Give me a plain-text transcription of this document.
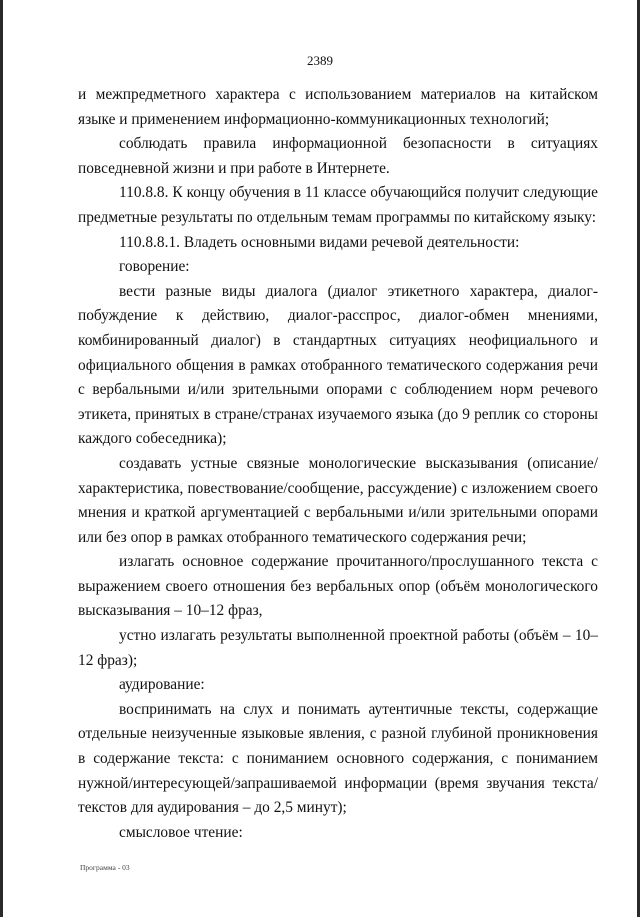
2389

и межпредметного характера с использованием материалов на китайском языке и применением информационно-коммуникационных технологий;

соблюдать правила информационной безопасности в ситуациях повседневной жизни и при работе в Интернете.

110.8.8. К концу обучения в 11 классе обучающийся получит следующие предметные результаты по отдельным темам программы по китайскому языку:

110.8.8.1. Владеть основными видами речевой деятельности:

говорение:

вести разные виды диалога (диалог этикетного характера, диалог-побуждение к действию, диалог-расспрос, диалог-обмен мнениями, комбинированный диалог) в стандартных ситуациях неофициального и официального общения в рамках отобранного тематического содержания речи с вербальными и/или зрительными опорами с соблюдением норм речевого этикета, принятых в стране/странах изучаемого языка (до 9 реплик со стороны каждого собеседника);

создавать устные связные монологические высказывания (описание/характеристика, повествование/сообщение, рассуждение) с изложением своего мнения и краткой аргументацией с вербальными и/или зрительными опорами или без опор в рамках отобранного тематического содержания речи;

излагать основное содержание прочитанного/прослушанного текста с выражением своего отношения без вербальных опор (объём монологического высказывания – 10–12 фраз,

устно излагать результаты выполненной проектной работы (объём – 10–12 фраз);

аудирование:

воспринимать на слух и понимать аутентичные тексты, содержащие отдельные неизученные языковые явления, с разной глубиной проникновения в содержание текста: с пониманием основного содержания, с пониманием нужной/интересующей/запрашиваемой информации (время звучания текста/текстов для аудирования – до 2,5 минут);

смысловое чтение:

Программа - 03
